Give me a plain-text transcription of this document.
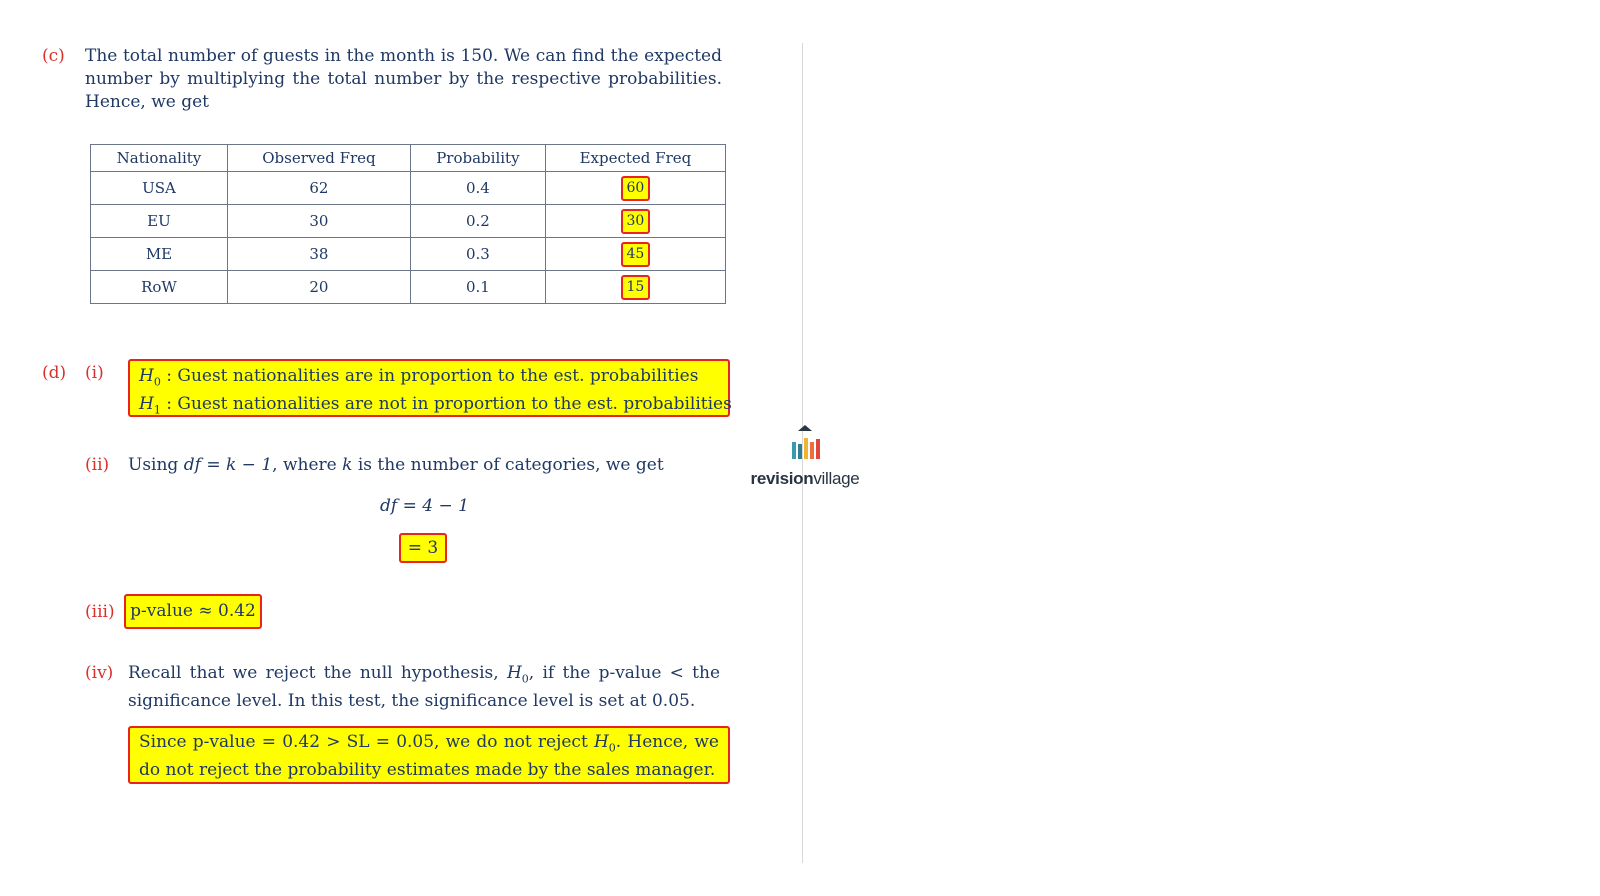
(c) The total number of guests in the month is 150. We can find the expected number by multiplying the total number by the respective probabilities. Hence, we get
Nationality	Observed Freq	Probability	Expected Freq
USA	62	0.4	60
EU	30	0.2	30
ME	38	0.3	45
RoW	20	0.1	15
(d) (i) $H_0$ : Guest nationalities are in proportion to the est. probabilities
$H_1$ : Guest nationalities are not in proportion to the est. probabilities
(ii) Using df = k − 1, where k is the number of categories, we get
df = 4 − 1
= 3
(iii) p-value ≈ 0.42
(iv) Recall that we reject the null hypothesis, $H_0$, if the p-value < the significance level. In this test, the significance level is set at 0.05.
Since p-value = 0.42 > SL = 0.05, we do not reject $H_0$. Hence, we do not reject the probability estimates made by the sales manager.
revisionvillage
